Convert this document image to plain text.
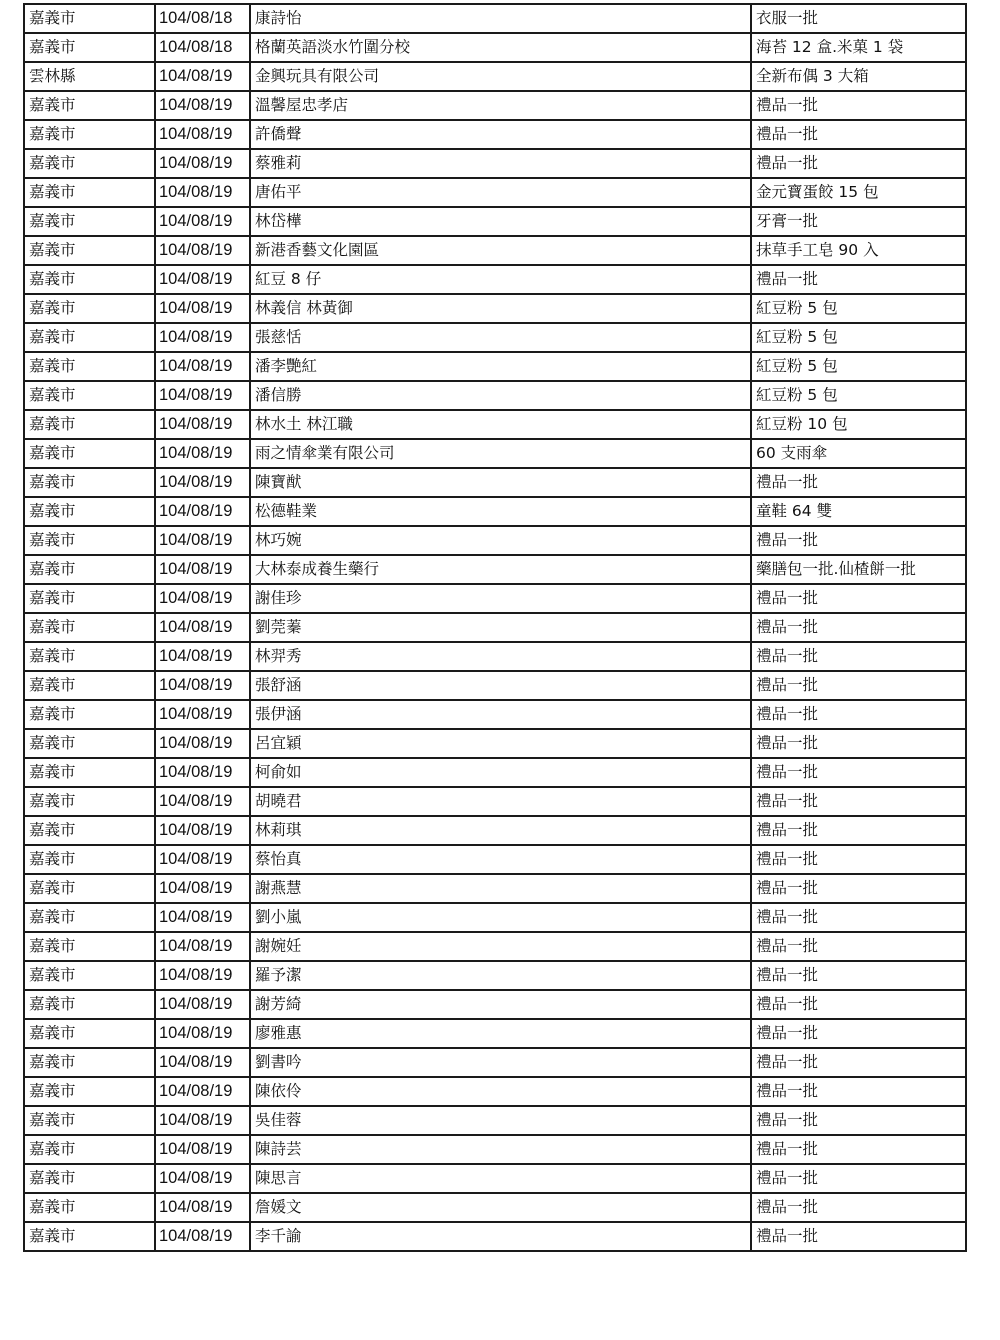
嘉義市	104/08/18	康詩怡	衣服一批
嘉義市	104/08/18	格蘭英語淡水竹圍分校	海苔 12 盒.米菓 1 袋
雲林縣	104/08/19	金興玩具有限公司	全新布偶 3 大箱
嘉義市	104/08/19	溫馨屋忠孝店	禮品一批
嘉義市	104/08/19	許僑聲	禮品一批
嘉義市	104/08/19	蔡雅莉	禮品一批
嘉義市	104/08/19	唐佑平	金元寶蛋餃 15 包
嘉義市	104/08/19	林岱樺	牙膏一批
嘉義市	104/08/19	新港香藝文化園區	抹草手工皂 90 入
嘉義市	104/08/19	紅豆 8 仔	禮品一批
嘉義市	104/08/19	林義信 林黃御	紅豆粉 5 包
嘉義市	104/08/19	張慈恬	紅豆粉 5 包
嘉義市	104/08/19	潘李艷紅	紅豆粉 5 包
嘉義市	104/08/19	潘信勝	紅豆粉 5 包
嘉義市	104/08/19	林水土 林江職	紅豆粉 10 包
嘉義市	104/08/19	雨之情傘業有限公司	60 支雨傘
嘉義市	104/08/19	陳寶猷	禮品一批
嘉義市	104/08/19	松德鞋業	童鞋 64 雙
嘉義市	104/08/19	林巧婉	禮品一批
嘉義市	104/08/19	大林泰成養生藥行	藥膳包一批.仙楂餅一批
嘉義市	104/08/19	謝佳珍	禮品一批
嘉義市	104/08/19	劉莞蓁	禮品一批
嘉義市	104/08/19	林羿秀	禮品一批
嘉義市	104/08/19	張舒涵	禮品一批
嘉義市	104/08/19	張伊涵	禮品一批
嘉義市	104/08/19	呂宜穎	禮品一批
嘉義市	104/08/19	柯俞如	禮品一批
嘉義市	104/08/19	胡曉君	禮品一批
嘉義市	104/08/19	林莉琪	禮品一批
嘉義市	104/08/19	蔡怡真	禮品一批
嘉義市	104/08/19	謝燕慧	禮品一批
嘉義市	104/08/19	劉小嵐	禮品一批
嘉義市	104/08/19	謝婉妊	禮品一批
嘉義市	104/08/19	羅予潔	禮品一批
嘉義市	104/08/19	謝芳綺	禮品一批
嘉義市	104/08/19	廖雅惠	禮品一批
嘉義市	104/08/19	劉書吟	禮品一批
嘉義市	104/08/19	陳依伶	禮品一批
嘉義市	104/08/19	吳佳蓉	禮品一批
嘉義市	104/08/19	陳詩芸	禮品一批
嘉義市	104/08/19	陳思言	禮品一批
嘉義市	104/08/19	詹媛文	禮品一批
嘉義市	104/08/19	李千諭	禮品一批
